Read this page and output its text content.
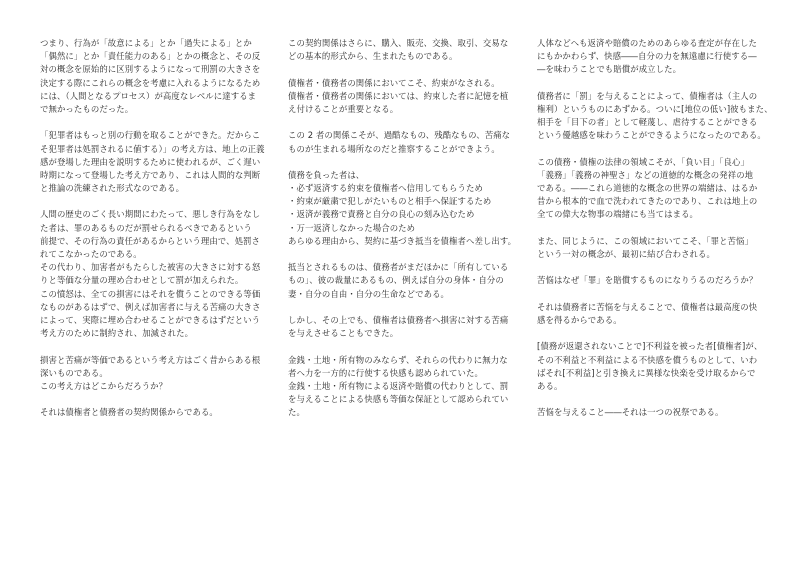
つまり、行為が「故意による」とか「過失による」とか
「偶然に」とか「責任能力のある」とかの概念と、その反
対の概念を原始的に区別するようになって刑罰の大きさを
決定する際にこれらの概念を考慮に入れるようになるため
には、（人間となるプロセス）が高度なレベルに達するま
で無かったものだった。
「犯罪者はもっと別の行動を取ることができた。だからこ
そ犯罪者は処罰されるに値する）」の考え方は、地上の正義
感が登場した理由を説明するために使われるが、ごく遅い
時期になって登場した考え方であり、これは人間的な判断
と推論の洗練された形式なのである。
人間の歴史のごく長い期間にわたって、悪しき行為をなし
た者は、罪のあるものだが罰せられるべきであるという
前提で、その行為の責任があるからという理由で、処罰さ
れてこなかったのである。
その代わり、加害者がもたらした被害の大きさに対する怒
りと等価な分量の理め合わせとして罰が加えられた。
この憤怒は、全ての損害にはそれを償うことのできる等価
なものがあるはずで、例えば加害者に与える苦痛の大きさ
によって、実際に埋め合わせることができるはずだという
考え方のために制約され、加減された。
損害と苦痛が等価であるという考え方はごく昔からある根
深いものである。
この考え方はどこからだろうか？
それは債権者と債務者の契約関係からである。
この契約関係はさらに、購入、販売、交換、取引、交易な
どの基本的形式から、生まれたものである。
債権者・債務者の関係においてこそ、約束がなされる。
債権者・債務者の関係においては、約束した者に記憶を植
え付けることが重要となる。
この 2 者の関係こそが、過酷なもの、残酷なもの、苦痛な
ものが生まれる場所なのだと推察することができよう。
債務を負った者は、
・必ず返済する約束を債権者へ信用してもらうため
・約束が厳粛で犯しがたいものと相手へ保証するため
・返済が義務で責務と自分の良心の刻み込むため
・万一返済しなかった場合のため
あらゆる理由から、契約に基づき抵当を債権者へ差し出す。
抵当とされるものは、債務者がまだほかに「所有している
もの」、彼の裁量にあるもの、例えば自分の身体・自分の
妻・自分の自由・自分の生命などである。
しかし、その上でも、債権者は債務者へ損害に対する苦痛
を与えさせることもできた。
金銭・土地・所有物のみならず、それらの代わりに無力な
者へ力を一方的に行使する快感も認められていた。
金銭・土地・所有物による返済や賠償の代わりとして、罰
を与えることによる快感も等価な保証として認められてい
た。
人体などへも返済や賠償のためのあらゆる査定が存在した
にもかかわらず、快感――自分の力を無遠慮に行使する―
―を味わうことでも賠償が成立した。
債務者に「罰」を与えることによって、債権者は（主人の
権利）というものにあずかる。ついに[地位の低い]彼もまた、
相手を「目下の者」として軽蔑し、虐待することができる
という優越感を味わうことができるようになったのである。
この債務・債権の法律の領域こそが、「負い目」「良心」
「義務」「義務の神聖さ」などの道徳的な概念の発祥の地
である。――これら道徳的な概念の世界の端緒は、はるか
昔から根本的で血で洗われてきたのであり、これは地上の
全ての偉大な物事の端緒にも当てはまる。
また、同じように、この領域においてこそ、「罪と苦悩」
という一対の概念が、最初に結び合わされる。
苦悩はなぜ「罪」を賠償するものになりうるのだろうか？
それは債務者に苦悩を与えることで、債権者は最高度の快
感を得るからである。
[債務が返還されないことで]不利益を被った者[債権者]が、
その不利益と不利益による不快感を償うものとして、いわ
ばそれ[不利益]と引き換えに異様な快楽を受け取るからで
ある。
苦悩を与えること――それは一つの祝祭である。
